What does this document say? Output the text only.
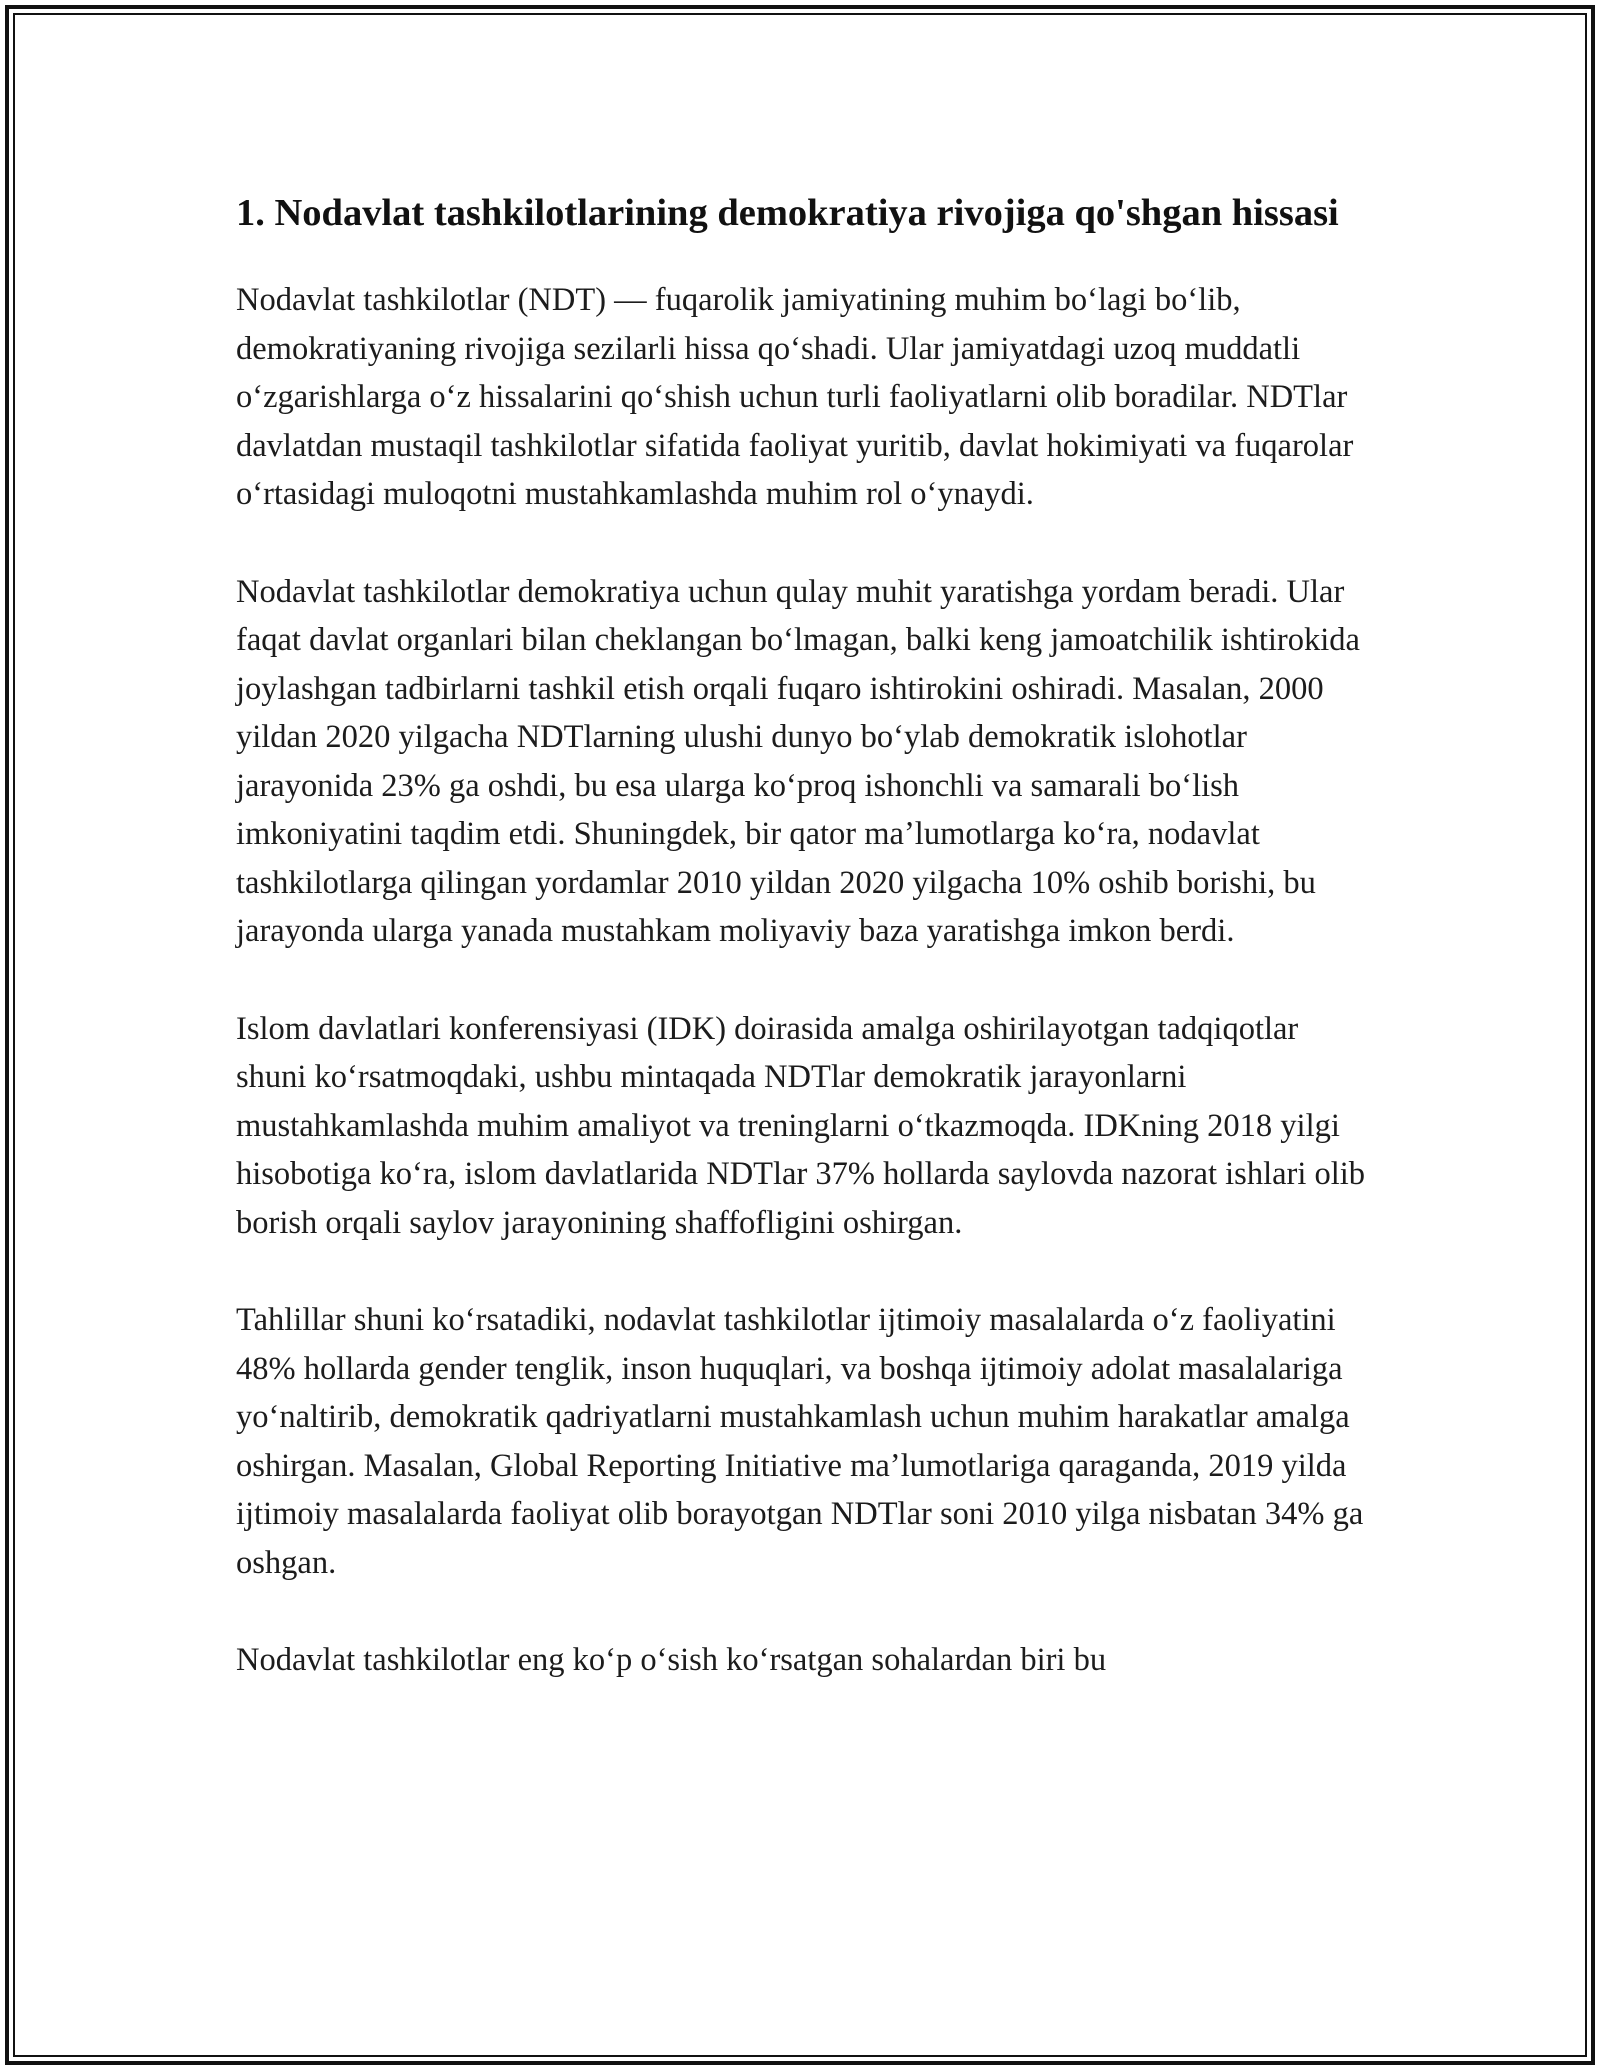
1. Nodavlat tashkilotlarining demokratiya rivojiga qo'shgan hissasi

Nodavlat tashkilotlar (NDT) — fuqarolik jamiyatining muhim boʻlagi boʻlib, demokratiyaning rivojiga sezilarli hissa qoʻshadi. Ular jamiyatdagi uzoq muddatli oʻzgarishlarga oʻz hissalarini qoʻshish uchun turli faoliyatlarni olib boradilar. NDTlar davlatdan mustaqil tashkilotlar sifatida faoliyat yuritib, davlat hokimiyati va fuqarolar oʻrtasidagi muloqotni mustahkamlashda muhim rol oʻynaydi.

Nodavlat tashkilotlar demokratiya uchun qulay muhit yaratishga yordam beradi. Ular faqat davlat organlari bilan cheklangan boʻlmagan, balki keng jamoatchilik ishtirokida joylashgan tadbirlarni tashkil etish orqali fuqaro ishtirokini oshiradi. Masalan, 2000 yildan 2020 yilgacha NDTlarning ulushi dunyo boʻylab demokratik islohotlar jarayonida 23% ga oshdi, bu esa ularga koʻproq ishonchli va samarali boʻlish imkoniyatini taqdim etdi. Shuningdek, bir qator maʼlumotlarga koʻra, nodavlat tashkilotlarga qilingan yordamlar 2010 yildan 2020 yilgacha 10% oshib borishi, bu jarayonda ularga yanada mustahkam moliyaviy baza yaratishga imkon berdi.

Islom davlatlari konferensiyasi (IDK) doirasida amalga oshirilayotgan tadqiqotlar shuni koʻrsatmoqdaki, ushbu mintaqada NDTlar demokratik jarayonlarni mustahkamlashda muhim amaliyot va treninglarni oʻtkazmoqda. IDKning 2018 yilgi hisobotiga koʻra, islom davlatlarida NDTlar 37% hollarda saylovda nazorat ishlari olib borish orqali saylov jarayonining shaffofligini oshirgan.

Tahlillar shuni koʻrsatadiki, nodavlat tashkilotlar ijtimoiy masalalarda oʻz faoliyatini 48% hollarda gender tenglik, inson huquqlari, va boshqa ijtimoiy adolat masalalariga yoʻnaltirib, demokratik qadriyatlarni mustahkamlash uchun muhim harakatlar amalga oshirgan. Masalan, Global Reporting Initiative maʼlumotlariga qaraganda, 2019 yilda ijtimoiy masalalarda faoliyat olib borayotgan NDTlar soni 2010 yilga nisbatan 34% ga oshgan.

Nodavlat tashkilotlar eng koʻp oʻsish koʻrsatgan sohalardan biri bu
